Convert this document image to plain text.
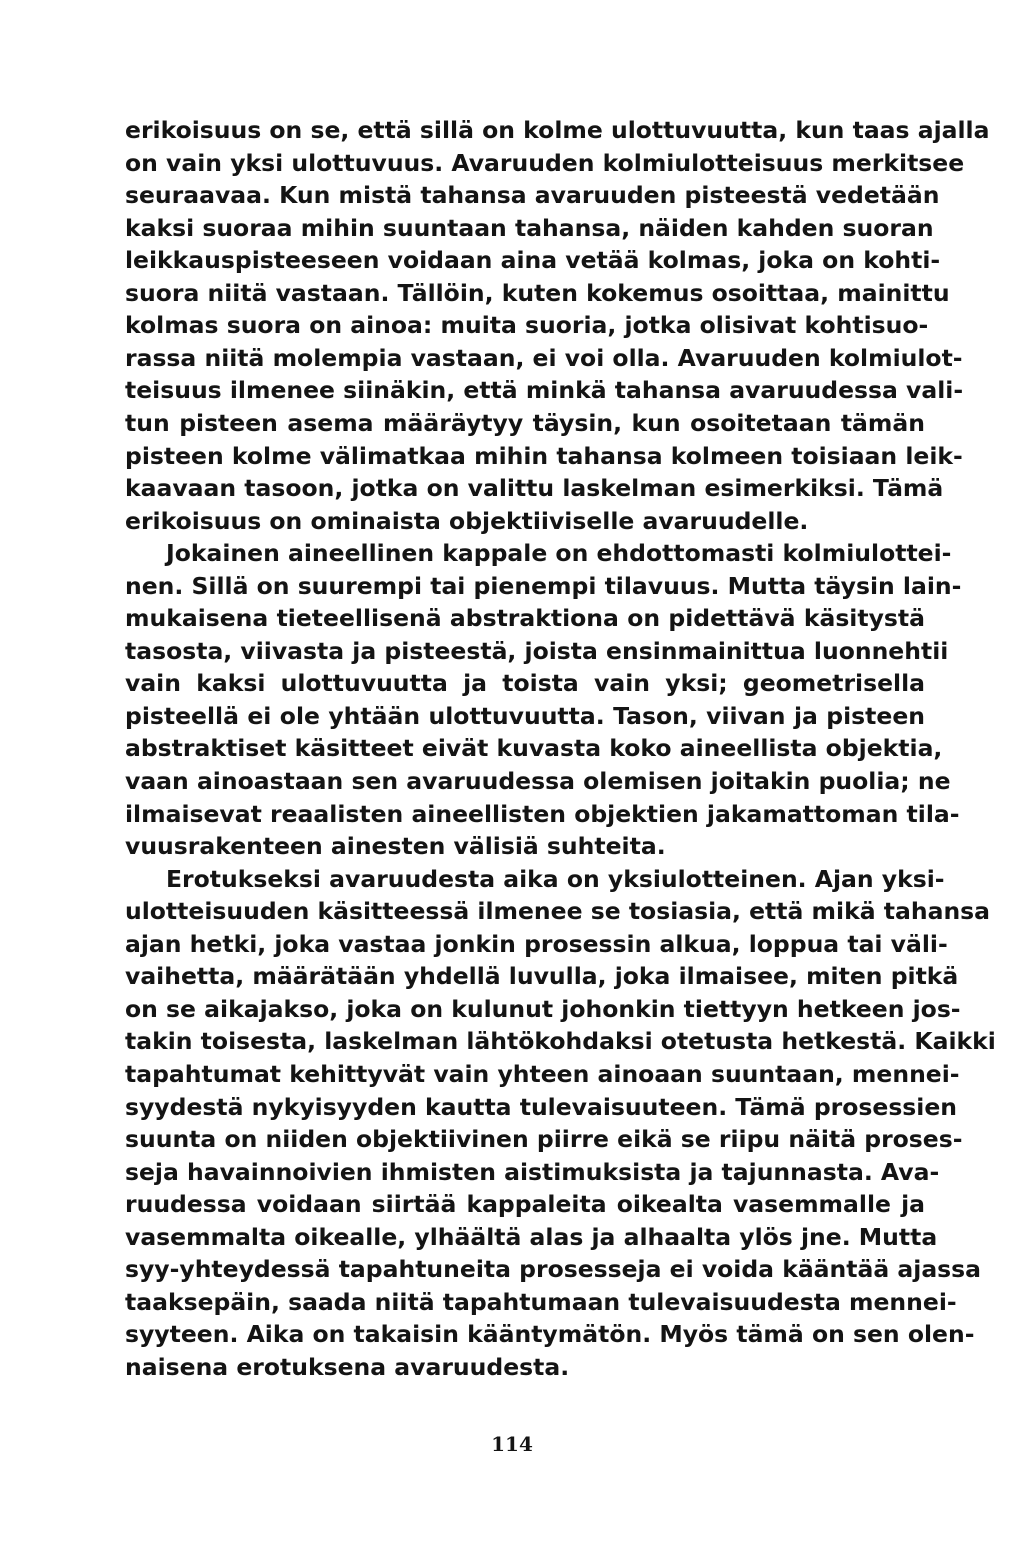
erikoisuus on se, että sillä on kolme ulottuvuutta, kun taas ajalla
on vain yksi ulottuvuus. Avaruuden kolmiulotteisuus merkitsee
seuraavaa. Kun mistä tahansa avaruuden pisteestä vedetään
kaksi suoraa mihin suuntaan tahansa, näiden kahden suoran
leikkauspisteeseen voidaan aina vetää kolmas, joka on kohti-
suora niitä vastaan. Tällöin, kuten kokemus osoittaa, mainittu
kolmas suora on ainoa: muita suoria, jotka olisivat kohtisuo-
rassa niitä molempia vastaan, ei voi olla. Avaruuden kolmiulot-
teisuus ilmenee siinäkin, että minkä tahansa avaruudessa vali-
tun pisteen asema määräytyy täysin, kun osoitetaan tämän
pisteen kolme välimatkaa mihin tahansa kolmeen toisiaan leik-
kaavaan tasoon, jotka on valittu laskelman esimerkiksi. Tämä
erikoisuus on ominaista objektiiviselle avaruudelle.
Jokainen aineellinen kappale on ehdottomasti kolmiulottei-
nen. Sillä on suurempi tai pienempi tilavuus. Mutta täysin lain-
mukaisena tieteellisenä abstraktiona on pidettävä käsitystä
tasosta, viivasta ja pisteestä, joista ensinmainittua luonnehtii
vain kaksi ulottuvuutta ja toista vain yksi; geometrisella
pisteellä ei ole yhtään ulottuvuutta. Tason, viivan ja pisteen
abstraktiset käsitteet eivät kuvasta koko aineellista objektia,
vaan ainoastaan sen avaruudessa olemisen joitakin puolia; ne
ilmaisevat reaalisten aineellisten objektien jakamattoman tila-
vuusrakenteen ainesten välisiä suhteita.
Erotukseksi avaruudesta aika on yksiulotteinen. Ajan yksi-
ulotteisuuden käsitteessä ilmenee se tosiasia, että mikä tahansa
ajan hetki, joka vastaa jonkin prosessin alkua, loppua tai väli-
vaihetta, määrätään yhdellä luvulla, joka ilmaisee, miten pitkä
on se aikajakso, joka on kulunut johonkin tiettyyn hetkeen jos-
takin toisesta, laskelman lähtökohdaksi otetusta hetkestä. Kaikki
tapahtumat kehittyvät vain yhteen ainoaan suuntaan, mennei-
syydestä nykyisyyden kautta tulevaisuuteen. Tämä prosessien
suunta on niiden objektiivinen piirre eikä se riipu näitä proses-
seja havainnoivien ihmisten aistimuksista ja tajunnasta. Ava-
ruudessa voidaan siirtää kappaleita oikealta vasemmalle ja
vasemmalta oikealle, ylhäältä alas ja alhaalta ylös jne. Mutta
syy-yhteydessä tapahtuneita prosesseja ei voida kääntää ajassa
taaksepäin, saada niitä tapahtumaan tulevaisuudesta mennei-
syyteen. Aika on takaisin kääntymätön. Myös tämä on sen olen-
naisena erotuksena avaruudesta.
114
